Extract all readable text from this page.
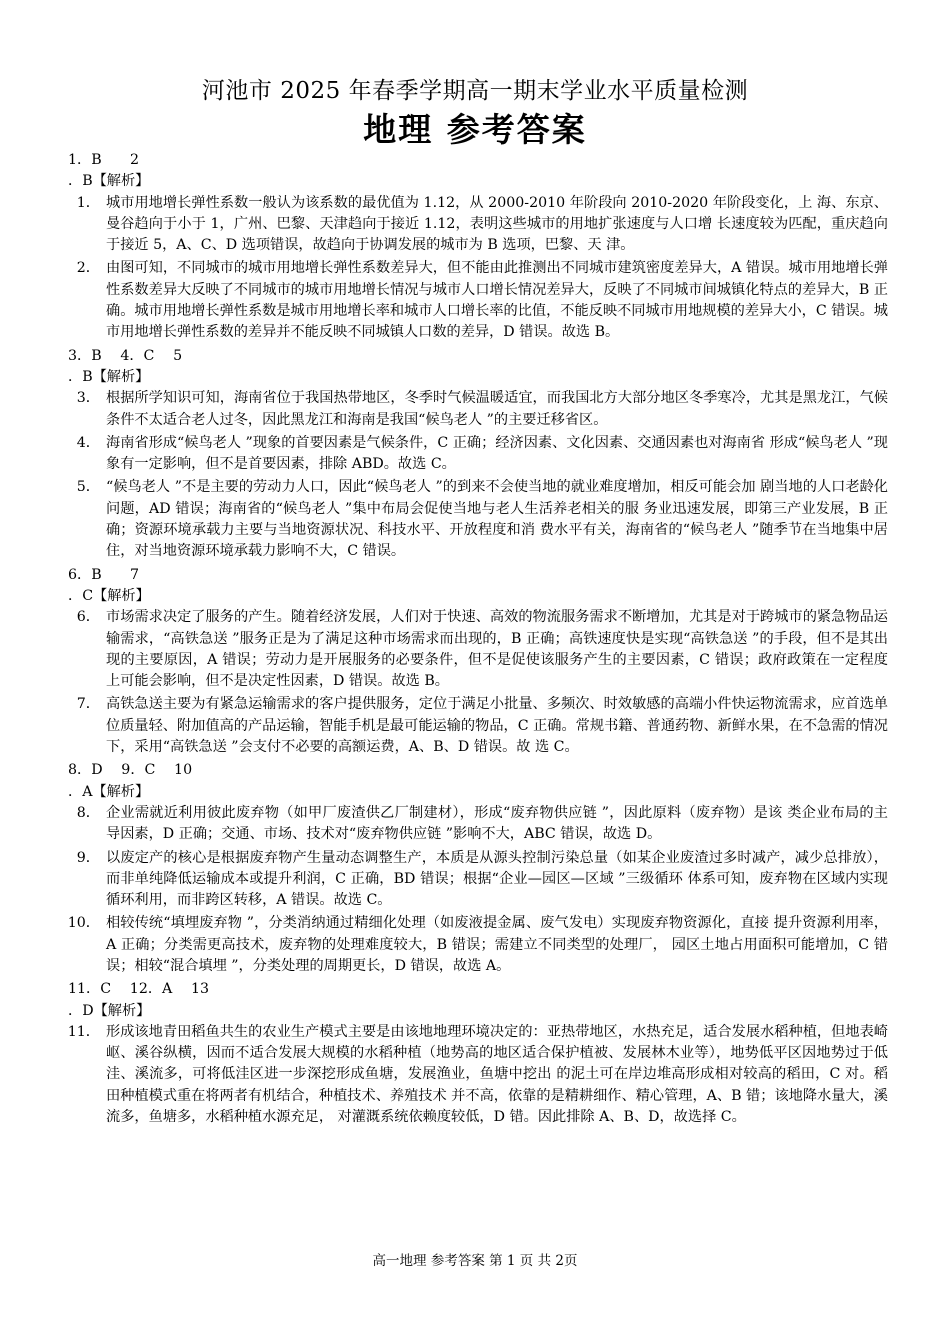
河池市 2025 年春季学期高一期末学业水平质量检测
地理 参考答案

1．B　　2

．B【解析】

1． 城市用地增长弹性系数一般认为该系数的最优值为 1.12，从 2000-2010 年阶段向 2010-2020 年阶段变化，上 海、东京、曼谷趋向于小于 1，广州、巴黎、天津趋向于接近 1.12，表明这些城市的用地扩张速度与人口增 长速度较为匹配，重庆趋向于接近 5，A、C、D 选项错误，故趋向于协调发展的城市为 B 选项，巴黎、天 津。
2． 由图可知，不同城市的城市用地增长弹性系数差异大，但不能由此推测出不同城市建筑密度差异大，A 错误。城市用地增长弹性系数差异大反映了不同城市的城市用地增长情况与城市人口增长情况差异大，反映了不同城市间城镇化特点的差异大，B 正确。城市用地增长弹性系数是城市用地增长率和城市人口增长率的比值，不能反映不同城市用地规模的差异大小，C 错误。城市用地增长弹性系数的差异并不能反映不同城镇人口数的差异，D 错误。故选 B。

3．B　 4．C　 5

．B【解析】

3． 根据所学知识可知，海南省位于我国热带地区，冬季时气候温暖适宜，而我国北方大部分地区冬季寒冷，尤其是黑龙江，气候条件不太适合老人过冬，因此黑龙江和海南是我国“候鸟老人 ”的主要迁移省区。
4． 海南省形成“候鸟老人 ”现象的首要因素是气候条件，C 正确；经济因素、文化因素、交通因素也对海南省 形成“候鸟老人 ”现象有一定影响，但不是首要因素，排除 ABD。故选 C。
5． “候鸟老人 ”不是主要的劳动力人口，因此“候鸟老人 ”的到来不会使当地的就业难度增加，相反可能会加 剧当地的人口老龄化问题，AD 错误；海南省的“候鸟老人 ”集中布局会促使当地与老人生活养老相关的服 务业迅速发展，即第三产业发展，B 正确；资源环境承载力主要与当地资源状况、科技水平、开放程度和消 费水平有关，海南省的“候鸟老人 ”随季节在当地集中居住，对当地资源环境承载力影响不大，C 错误。

6．B　　7

．C【解析】

6． 市场需求决定了服务的产生。随着经济发展，人们对于快速、高效的物流服务需求不断增加，尤其是对于跨城市的紧急物品运输需求，“高铁急送 ”服务正是为了满足这种市场需求而出现的，B 正确；高铁速度快是实现“高铁急送 ”的手段，但不是其出现的主要原因，A 错误；劳动力是开展服务的必要条件，但不是促使该服务产生的主要因素，C 错误；政府政策在一定程度上可能会影响，但不是决定性因素，D 错误。故选 B。
7． 高铁急送主要为有紧急运输需求的客户提供服务，定位于满足小批量、多频次、时效敏感的高端小件快运物流需求，应首选单位质量轻、附加值高的产品运输，智能手机是最可能运输的物品，C 正确。常规书籍、普通药物、新鲜水果，在不急需的情况下，采用“高铁急送 ”会支付不必要的高额运费，A、B、D 错误。故 选 C。

8．D　 9．C　 10

．A【解析】

8． 企业需就近利用彼此废弃物（如甲厂废渣供乙厂制建材），形成“废弃物供应链 ”，因此原料（废弃物）是该 类企业布局的主导因素，D 正确；交通、市场、技术对“废弃物供应链 ”影响不大，ABC 错误，故选 D。
9． 以废定产的核心是根据废弃物产生量动态调整生产，本质是从源头控制污染总量（如某企业废渣过多时减产，减少总排放），而非单纯降低运输成本或提升利润，C 正确，BD 错误；根据“企业—园区—区域 ”三级循环 体系可知，废弃物在区域内实现循环利用，而非跨区转移，A 错误。故选 C。
10． 相较传统“填埋废弃物 ”，分类消纳通过精细化处理（如废液提金属、废气发电）实现废弃物资源化，直接 提升资源利用率，A 正确；分类需更高技术，废弃物的处理难度较大，B 错误；需建立不同类型的处理厂， 园区土地占用面积可能增加，C 错误；相较“混合填埋 ”，分类处理的周期更长，D 错误，故选 A。

11．C　 12．A　 13

．D【解析】

11． 形成该地青田稻鱼共生的农业生产模式主要是由该地地理环境决定的：亚热带地区，水热充足，适合发展水稻种植，但地表崎岖、溪谷纵横，因而不适合发展大规模的水稻种植（地势高的地区适合保护植被、发展林木业等），地势低平区因地势过于低洼、溪流多，可将低洼区进一步深挖形成鱼塘，发展渔业，鱼塘中挖出 的泥土可在岸边堆高形成相对较高的稻田，C 对。稻田种植模式重在将两者有机结合，种植技术、养殖技术 并不高，依靠的是精耕细作、精心管理，A、B 错；该地降水量大，溪流多，鱼塘多，水稻种植水源充足， 对灌溉系统依赖度较低，D 错。因此排除 A、B、D，故选择 C。
高一地理 参考答案 第 1 页 共 2页
